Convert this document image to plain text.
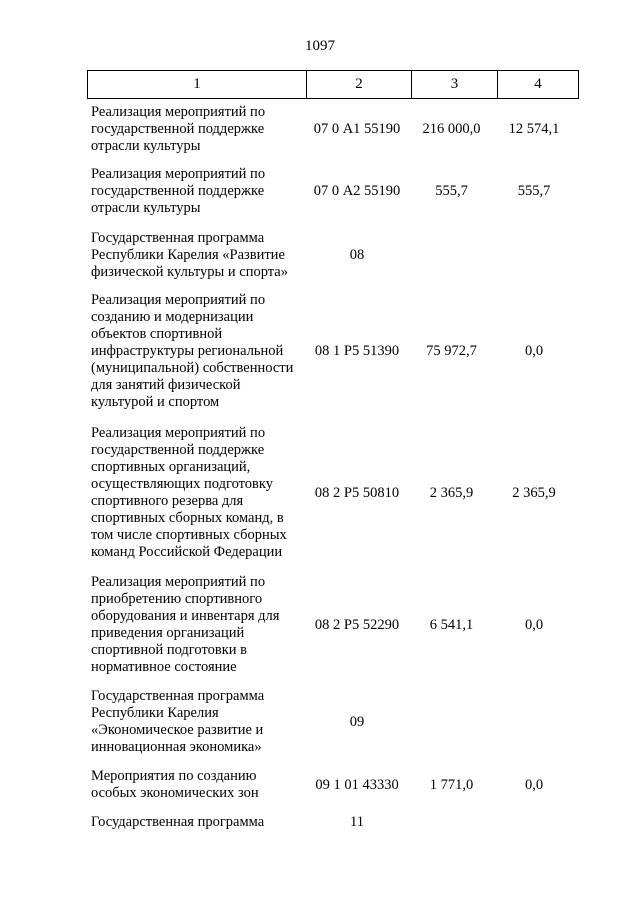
1097
1	2	3	4
Реализация мероприятий по
государственной поддержке
отрасли культуры
07 0 А1 55190	216 000,0	12 574,1
Реализация мероприятий по
государственной поддержке
отрасли культуры
07 0 А2 55190	555,7	555,7
Государственная программа
Республики Карелия «Развитие
физической культуры и спорта»
08
Реализация мероприятий по
созданию и модернизации
объектов спортивной
инфраструктуры региональной
(муниципальной) собственности
для занятий физической
культурой и спортом
08 1 Р5 51390	75 972,7	0,0
Реализация мероприятий по
государственной поддержке
спортивных организаций,
осуществляющих подготовку
спортивного резерва для
спортивных сборных команд, в
том числе спортивных сборных
команд Российской Федерации
08 2 Р5 50810	2 365,9	2 365,9
Реализация мероприятий по
приобретению спортивного
оборудования и инвентаря для
приведения организаций
спортивной подготовки в
нормативное состояние
08 2 Р5 52290	6 541,1	0,0
Государственная программа
Республики Карелия
«Экономическое развитие и
инновационная экономика»
09
Мероприятия по созданию
особых экономических зон
09 1 01 43330	1 771,0	0,0
Государственная программа	11
